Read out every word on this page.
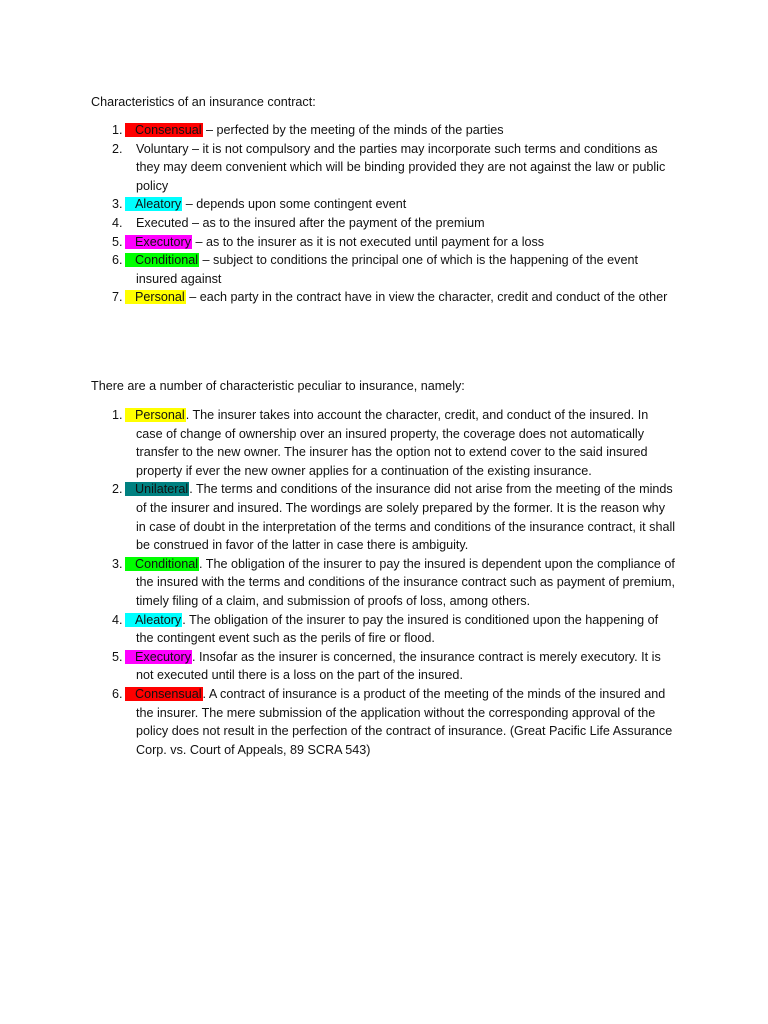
Characteristics of an insurance contract:

1. Consensual – perfected by the meeting of the minds of the parties
2. Voluntary – it is not compulsory and the parties may incorporate such terms and conditions as they may deem convenient which will be binding provided they are not against the law or public policy
3. Aleatory – depends upon some contingent event
4. Executed – as to the insured after the payment of the premium
5. Executory – as to the insurer as it is not executed until payment for a loss
6. Conditional – subject to conditions the principal one of which is the happening of the event insured against
7. Personal – each party in the contract have in view the character, credit and conduct of the other

There are a number of characteristic peculiar to insurance, namely:

1. Personal. The insurer takes into account the character, credit, and conduct of the insured. In case of change of ownership over an insured property, the coverage does not automatically transfer to the new owner. The insurer has the option not to extend cover to the said insured property if ever the new owner applies for a continuation of the existing insurance.
2. Unilateral. The terms and conditions of the insurance did not arise from the meeting of the minds of the insurer and insured. The wordings are solely prepared by the former. It is the reason why in case of doubt in the interpretation of the terms and conditions of the insurance contract, it shall be construed in favor of the latter in case there is ambiguity.
3. Conditional. The obligation of the insurer to pay the insured is dependent upon the compliance of the insured with the terms and conditions of the insurance contract such as payment of premium, timely filing of a claim, and submission of proofs of loss, among others.
4. Aleatory. The obligation of the insurer to pay the insured is conditioned upon the happening of the contingent event such as the perils of fire or flood.
5. Executory. Insofar as the insurer is concerned, the insurance contract is merely executory. It is not executed until there is a loss on the part of the insured.
6. Consensual. A contract of insurance is a product of the meeting of the minds of the insured and the insurer. The mere submission of the application without the corresponding approval of the policy does not result in the perfection of the contract of insurance. (Great Pacific Life Assurance Corp. vs. Court of Appeals, 89 SCRA 543)
